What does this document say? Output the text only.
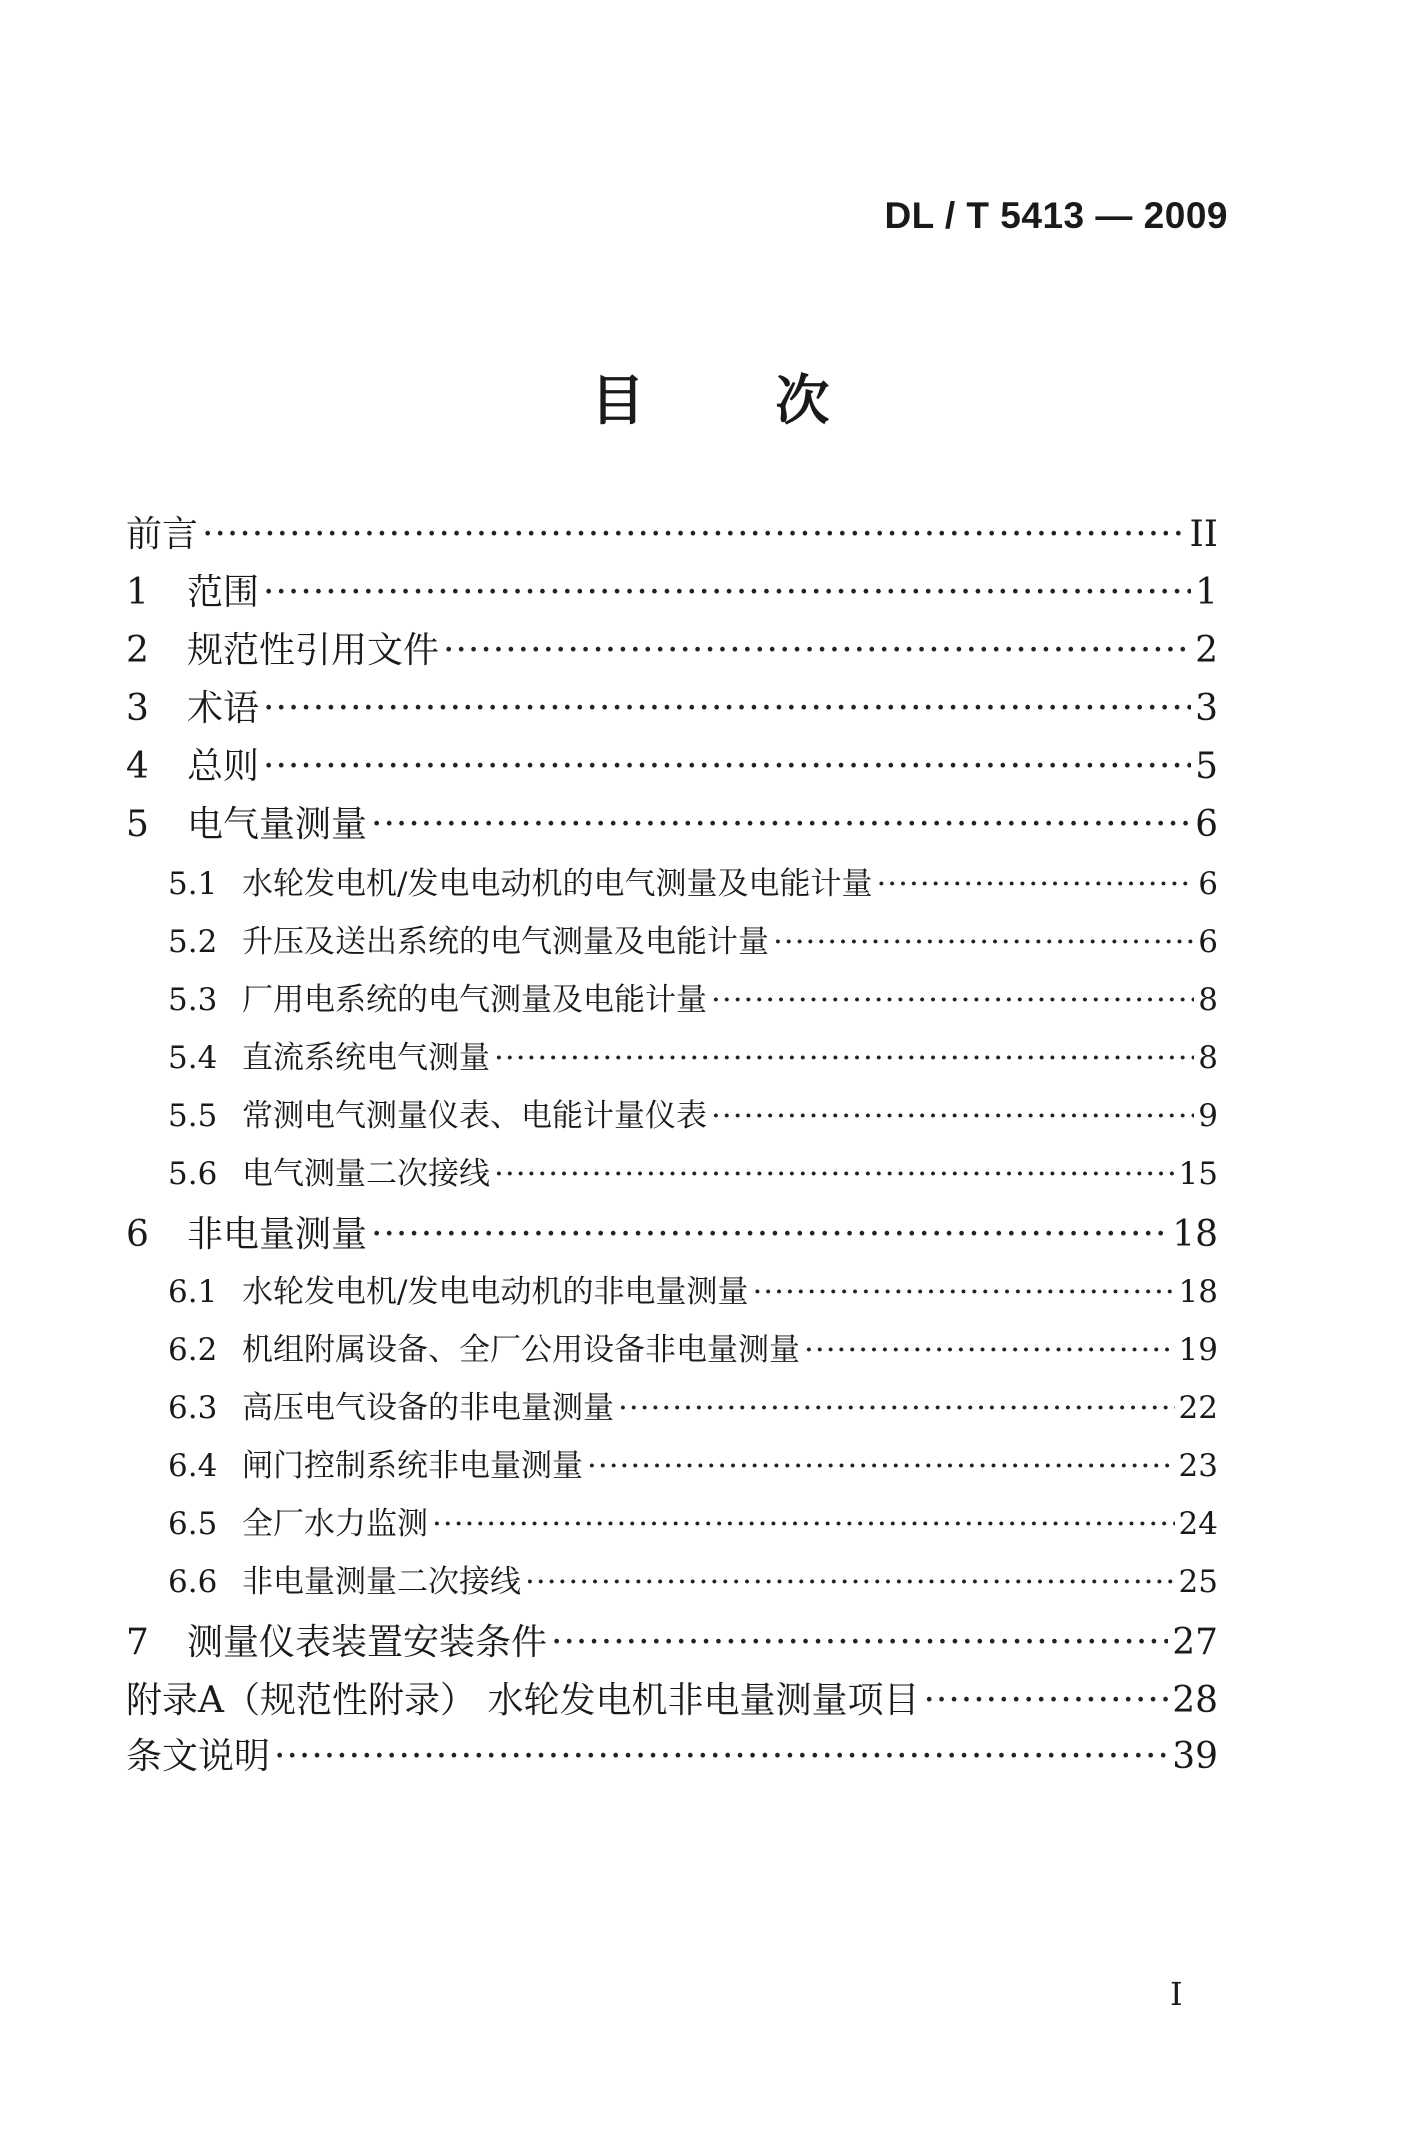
DL / T 5413 — 2009
目 次
前言 ·····	II
1	范围 ·····	1
2	规范性引用文件 ·····	2
3	术语 ·····	3
4	总则 ·····	5
5	电气量测量 ·····	6
5.1 水轮发电机/发电电动机的电气测量及电能计量 ·····	6
5.2 升压及送出系统的电气测量及电能计量 ·····	6
5.3 厂用电系统的电气测量及电能计量 ·····	8
5.4 直流系统电气测量 ·····	8
5.5 常测电气测量仪表、电能计量仪表 ·····	9
5.6 电气测量二次接线 ·····	15
6	非电量测量 ·····	18
6.1 水轮发电机/发电电动机的非电量测量 ·····	18
6.2 机组附属设备、全厂公用设备非电量测量 ·····	19
6.3 高压电气设备的非电量测量 ·····	22
6.4 闸门控制系统非电量测量 ·····	23
6.5 全厂水力监测 ·····	24
6.6 非电量测量二次接线 ·····	25
7	测量仪表装置安装条件 ·····	27
附录A（规范性附录） 水轮发电机非电量测量项目 ·····	28
条文说明 ·····	39
I
